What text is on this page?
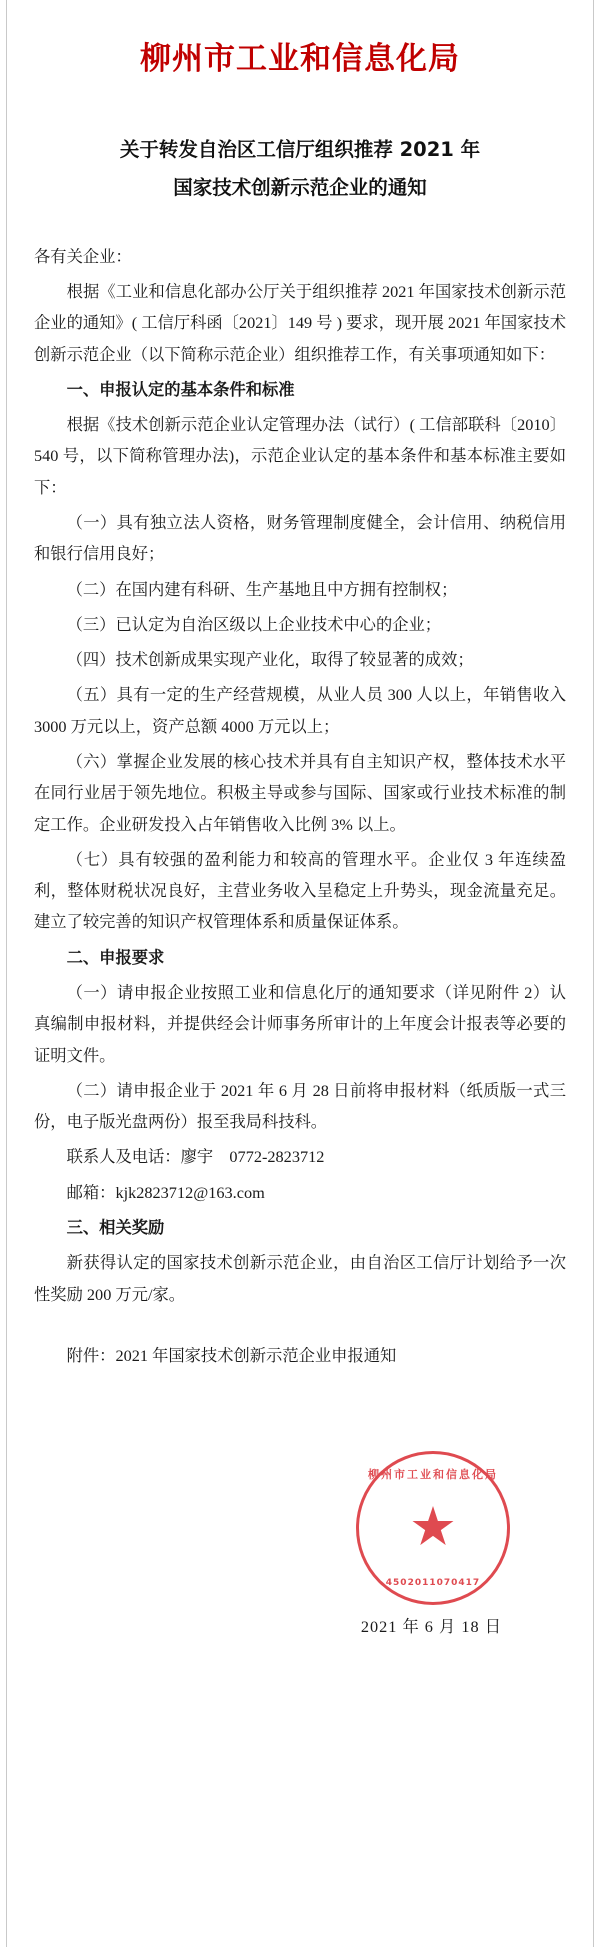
柳州市工业和信息化局
关于转发自治区工信厅组织推荐 2021 年
国家技术创新示范企业的通知

各有关企业：

根据《工业和信息化部办公厅关于组织推荐 2021 年国家技术创新示范企业的通知》( 工信厅科函〔2021〕149 号 ) 要求，现开展 2021 年国家技术创新示范企业（以下简称示范企业）组织推荐工作，有关事项通知如下：

一、申报认定的基本条件和标准

根据《技术创新示范企业认定管理办法（试行）( 工信部联科〔2010〕540 号，以下简称管理办法)，示范企业认定的基本条件和基本标准主要如下：

（一）具有独立法人资格，财务管理制度健全，会计信用、纳税信用和银行信用良好；

（二）在国内建有科研、生产基地且中方拥有控制权；

（三）已认定为自治区级以上企业技术中心的企业；

（四）技术创新成果实现产业化，取得了较显著的成效；

（五）具有一定的生产经营规模，从业人员 300 人以上，年销售收入 3000 万元以上，资产总额 4000 万元以上；

（六）掌握企业发展的核心技术并具有自主知识产权，整体技术水平在同行业居于领先地位。积极主导或参与国际、国家或行业技术标准的制定工作。企业研发投入占年销售收入比例 3% 以上。

（七）具有较强的盈利能力和较高的管理水平。企业仅 3 年连续盈利，整体财税状况良好，主营业务收入呈稳定上升势头，现金流量充足。建立了较完善的知识产权管理体系和质量保证体系。

二、申报要求

（一）请申报企业按照工业和信息化厅的通知要求（详见附件 2）认真编制申报材料，并提供经会计师事务所审计的上年度会计报表等必要的证明文件。

（二）请申报企业于 2021 年 6 月 28 日前将申报材料（纸质版一式三份，电子版光盘两份）报至我局科技科。

联系人及电话：廖宇　0772-2823712

邮箱：kjk2823712@163.com

三、相关奖励

新获得认定的国家技术创新示范企业，由自治区工信厅计划给予一次性奖励 200 万元/家。

附件：2021 年国家技术创新示范企业申报通知

柳州市工业和信息化局
★
4502011070417
2021 年 6 月 18 日
